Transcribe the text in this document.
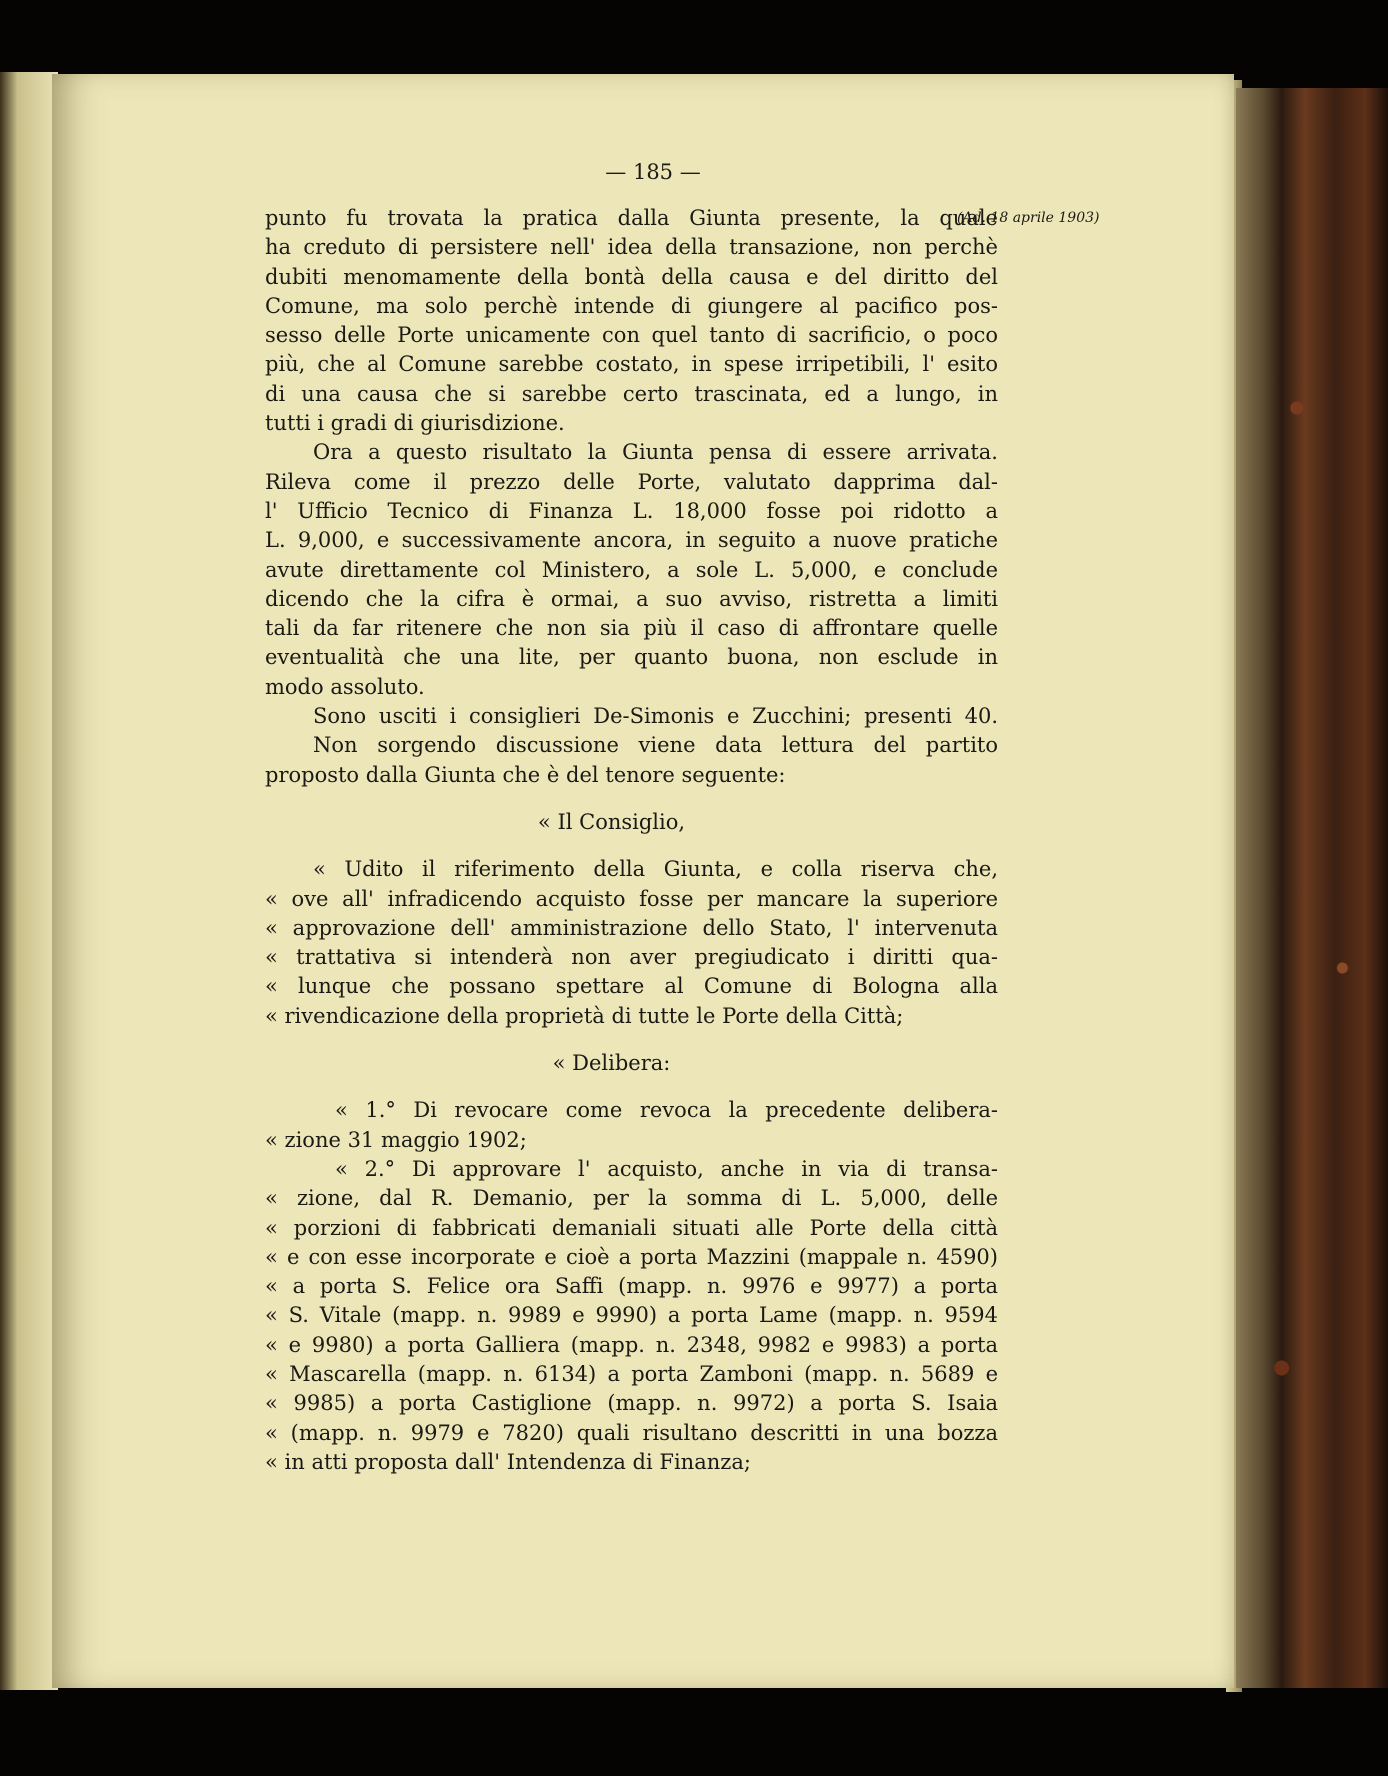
— 185 —
(Ad. 18 aprile 1903)
punto fu trovata la pratica dalla Giunta presente, la quale
ha creduto di persistere nell' idea della transazione, non perchè
dubiti menomamente della bontà della causa e del diritto del
Comune, ma solo perchè intende di giungere al pacifico pos-
sesso delle Porte unicamente con quel tanto di sacrificio, o poco
più, che al Comune sarebbe costato, in spese irripetibili, l' esito
di una causa che si sarebbe certo trascinata, ed a lungo, in
tutti i gradi di giurisdizione.
Ora a questo risultato la Giunta pensa di essere arrivata.
Rileva come il prezzo delle Porte, valutato dapprima dal-
l' Ufficio Tecnico di Finanza L. 18,000 fosse poi ridotto a
L. 9,000, e successivamente ancora, in seguito a nuove pratiche
avute direttamente col Ministero, a sole L. 5,000, e conclude
dicendo che la cifra è ormai, a suo avviso, ristretta a limiti
tali da far ritenere che non sia più il caso di affrontare quelle
eventualità che una lite, per quanto buona, non esclude in
modo assoluto.
Sono usciti i consiglieri De-Simonis e Zucchini; presenti 40.
Non sorgendo discussione viene data lettura del partito
proposto dalla Giunta che è del tenore seguente:
« Il Consiglio,
« Udito il riferimento della Giunta, e colla riserva che,
« ove all' infradicendo acquisto fosse per mancare la superiore
« approvazione dell' amministrazione dello Stato, l' intervenuta
« trattativa si intenderà non aver pregiudicato i diritti qua-
« lunque che possano spettare al Comune di Bologna alla
« rivendicazione della proprietà di tutte le Porte della Città;
« Delibera:
« 1.° Di revocare come revoca la precedente delibera-
« zione 31 maggio 1902;
« 2.° Di approvare l' acquisto, anche in via di transa-
« zione, dal R. Demanio, per la somma di L. 5,000, delle
« porzioni di fabbricati demaniali situati alle Porte della città
« e con esse incorporate e cioè a porta Mazzini (mappale n. 4590)
« a porta S. Felice ora Saffi (mapp. n. 9976 e 9977) a porta
« S. Vitale (mapp. n. 9989 e 9990) a porta Lame (mapp. n. 9594
« e 9980) a porta Galliera (mapp. n. 2348, 9982 e 9983) a porta
« Mascarella (mapp. n. 6134) a porta Zamboni (mapp. n. 5689 e
« 9985) a porta Castiglione (mapp. n. 9972) a porta S. Isaia
« (mapp. n. 9979 e 7820) quali risultano descritti in una bozza
« in atti proposta dall' Intendenza di Finanza;
